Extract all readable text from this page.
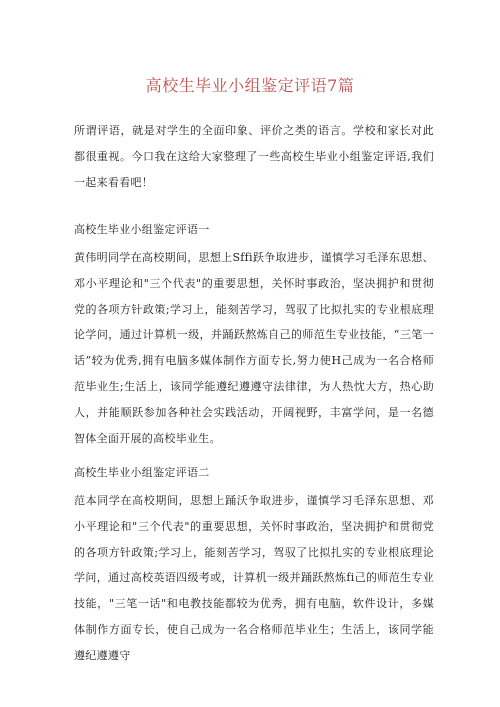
高校生毕业小组鉴定评语7篇
所谓评语，就是对学生的全面印象、评价之类的语言。学校和家长对此都很重视。今口我在这给大家整理了一些高校生毕业小组鉴定评语,我们一起来看看吧！
高校生毕业小组鉴定评语一
黄伟明同学在高校期间，思想上Sffi跃争取进步，谨慎学习毛泽东思想、邓小平理论和"三个代表"的重要思想，关怀时事政治，坚决拥护和贯彻党的各项方针政策;学习上，能刻苦学习，驾驭了比拟扎实的专业根底理论学问，通过计算机一级，并踊跃熬炼自己的师范生专业技能，“三笔一话”较为优秀,拥有电脑多媒体制作方面专长,努力使H己成为一名合格师范毕业生;生活上，该同学能遵纪遵遵守法律律，为人热忱大方，热心助人，并能顺跃参加各种社会实践活动，开阔视野，丰富学问，是一名德智体全面开展的高校毕业生。
高校生毕业小组鉴定评语二
范本同学在高校期间，思想上踊沃争取进步，谨慎学习毛泽东思想、邓小平理论和"三个代表"的重要思想，关怀时事政治，坚决拥护和贯彻党的各项方针政策;学习上，能刻苦学习，驾驭了比拟扎实的专业根底理论学问，通过高校英语四级考或，计算机一级并踊跃熬炼fi己的师范生专业技能，"三笔一话"和电教技能都较为优秀，拥有电脑，软件设计，多媒体制作方面专长，使自己成为一名合格师范毕业生；生活上，该同学能遵纪遵遵守
